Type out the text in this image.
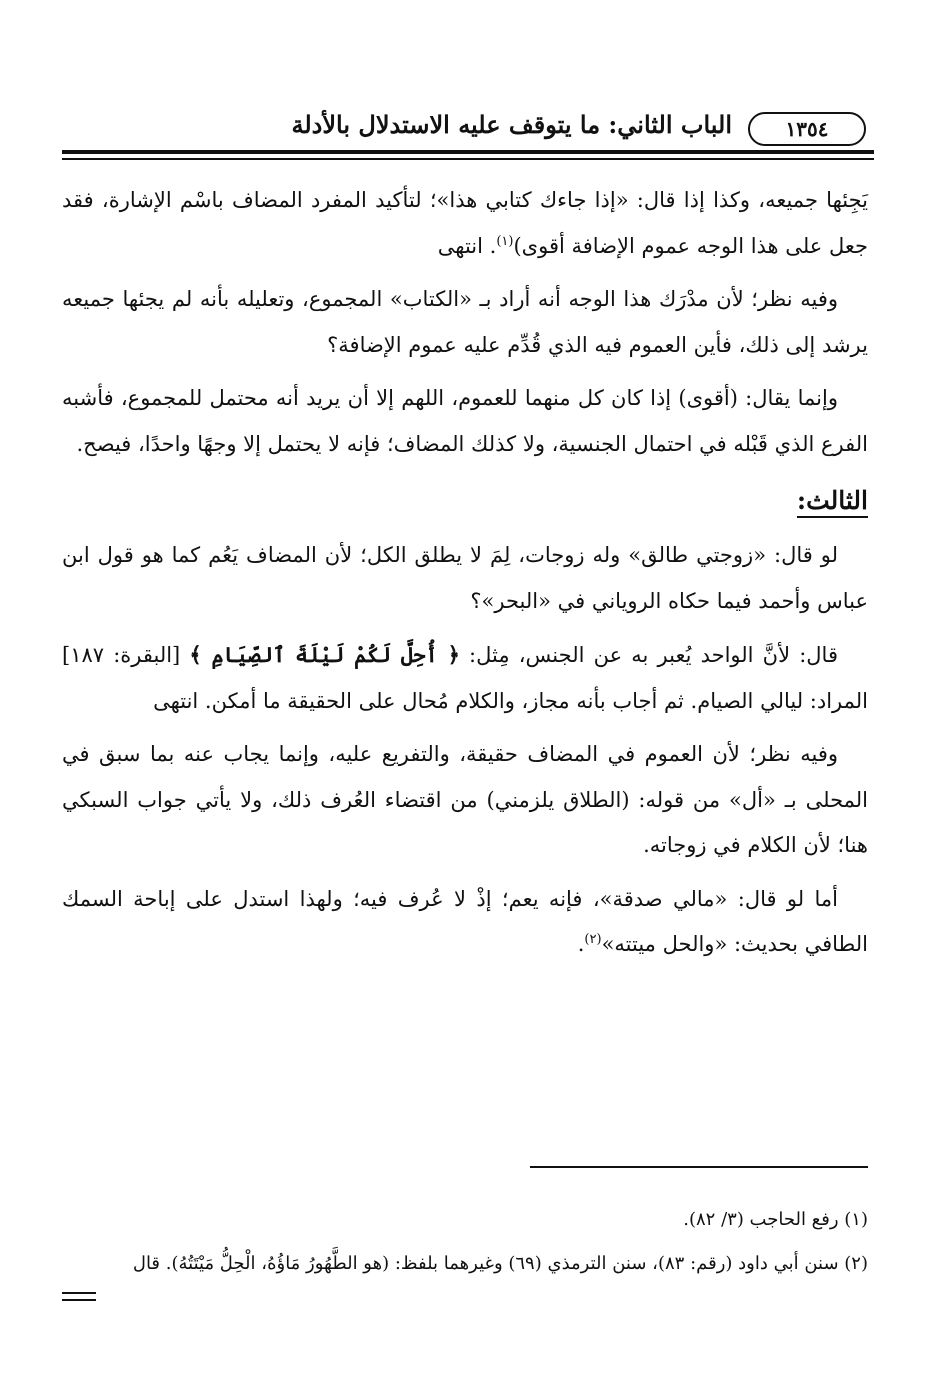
١٣٥٤
الباب الثاني: ما يتوقف عليه الاستدلال بالأدلة

يَجِئها جميعه، وكذا إذا قال: «إذا جاءك كتابي هذا»؛ لتأكيد المفرد المضاف باسْم الإشارة، فقد جعل على هذا الوجه عموم الإضافة أقوى)$^{(١)}$. انتهى

وفيه نظر؛ لأن مدْرَك هذا الوجه أنه أراد بـ «الكتاب» المجموع، وتعليله بأنه لم يجئها جميعه يرشد إلى ذلك، فأين العموم فيه الذي قُدِّم عليه عموم الإضافة؟

وإنما يقال: (أقوى) إذا كان كل منهما للعموم، اللهم إلا أن يريد أنه محتمل للمجموع، فأشبه الفرع الذي قَبْله في احتمال الجنسية، ولا كذلك المضاف؛ فإنه لا يحتمل إلا وجهًا واحدًا، فيصح.

الثالث:

لو قال: «زوجتي طالق» وله زوجات، لِمَ لا يطلق الكل؛ لأن المضاف يَعُم كما هو قول ابن عباس وأحمد فيما حكاه الروياني في «البحر»؟

قال: لأنَّ الواحد يُعبر به عن الجنس، مِثل: ﴿ أُحِلَّ لَكُمْ لَيْلَةَ ٱلصِّيَامِ ﴾ [البقرة: ١٨٧] المراد: ليالي الصيام. ثم أجاب بأنه مجاز، والكلام مُحال على الحقيقة ما أمكن. انتهى

وفيه نظر؛ لأن العموم في المضاف حقيقة، والتفريع عليه، وإنما يجاب عنه بما سبق في المحلى بـ «أل» من قوله: (الطلاق يلزمني) من اقتضاء العُرف ذلك، ولا يأتي جواب السبكي هنا؛ لأن الكلام في زوجاته.

أما لو قال: «مالي صدقة»، فإنه يعم؛ إذْ لا عُرف فيه؛ ولهذا استدل على إباحة السمك الطافي بحديث: «والحل ميتته»$^{(٢)}$.

(١) رفع الحاجب (٣/ ٨٢).

(٢) سنن أبي داود (رقم: ٨٣)، سنن الترمذي (٦٩) وغيرهما بلفظ: (هو الطَّهُورُ مَاؤُهُ، الْحِلُّ مَيْتَتُهُ). قال
